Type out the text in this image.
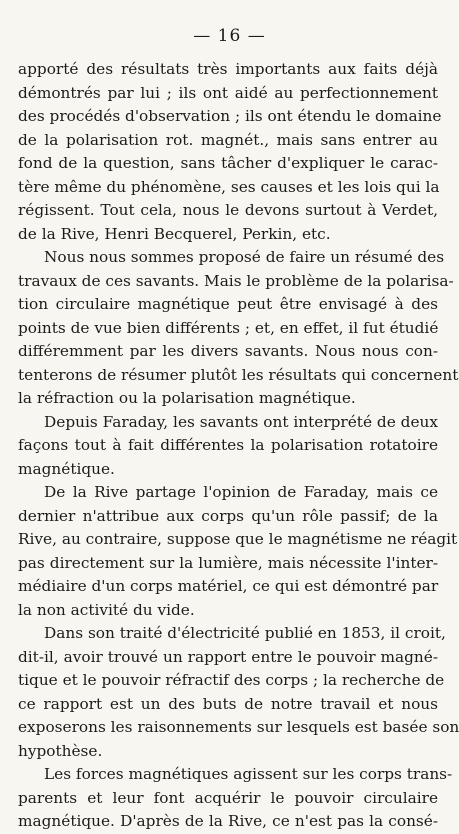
— 16 —
apporté des résultats très importants aux faits déjà
démontrés par lui ; ils ont aidé au perfectionnement
des procédés d'observation ; ils ont étendu le domaine
de la polarisation rot. magnét., mais sans entrer au
fond de la question, sans tâcher d'expliquer le carac-
tère même du phénomène, ses causes et les lois qui la
régissent. Tout cela, nous le devons surtout à Verdet,
de la Rive, Henri Becquerel, Perkin, etc.
Nous nous sommes proposé de faire un résumé des
travaux de ces savants. Mais le problème de la polarisa-
tion circulaire magnétique peut être envisagé à des
points de vue bien différents ; et, en effet, il fut étudié
différemment par les divers savants. Nous nous con-
tenterons de résumer plutôt les résultats qui concernent
la réfraction ou la polarisation magnétique.
Depuis Faraday, les savants ont interprété de deux
façons tout à fait différentes la polarisation rotatoire
magnétique.
De la Rive partage l'opinion de Faraday, mais ce
dernier n'attribue aux corps qu'un rôle passif; de la
Rive, au contraire, suppose que le magnétisme ne réagit
pas directement sur la lumière, mais nécessite l'inter-
médiaire d'un corps matériel, ce qui est démontré par
la non activité du vide.
Dans son traité d'électricité publié en 1853, il croit,
dit-il, avoir trouvé un rapport entre le pouvoir magné-
tique et le pouvoir réfractif des corps ; la recherche de
ce rapport est un des buts de notre travail et nous
exposerons les raisonnements sur lesquels est basée son
hypothèse.
Les forces magnétiques agissent sur les corps trans-
parents et leur font acquérir le pouvoir circulaire
magnétique. D'après de la Rive, ce n'est pas la consé-
